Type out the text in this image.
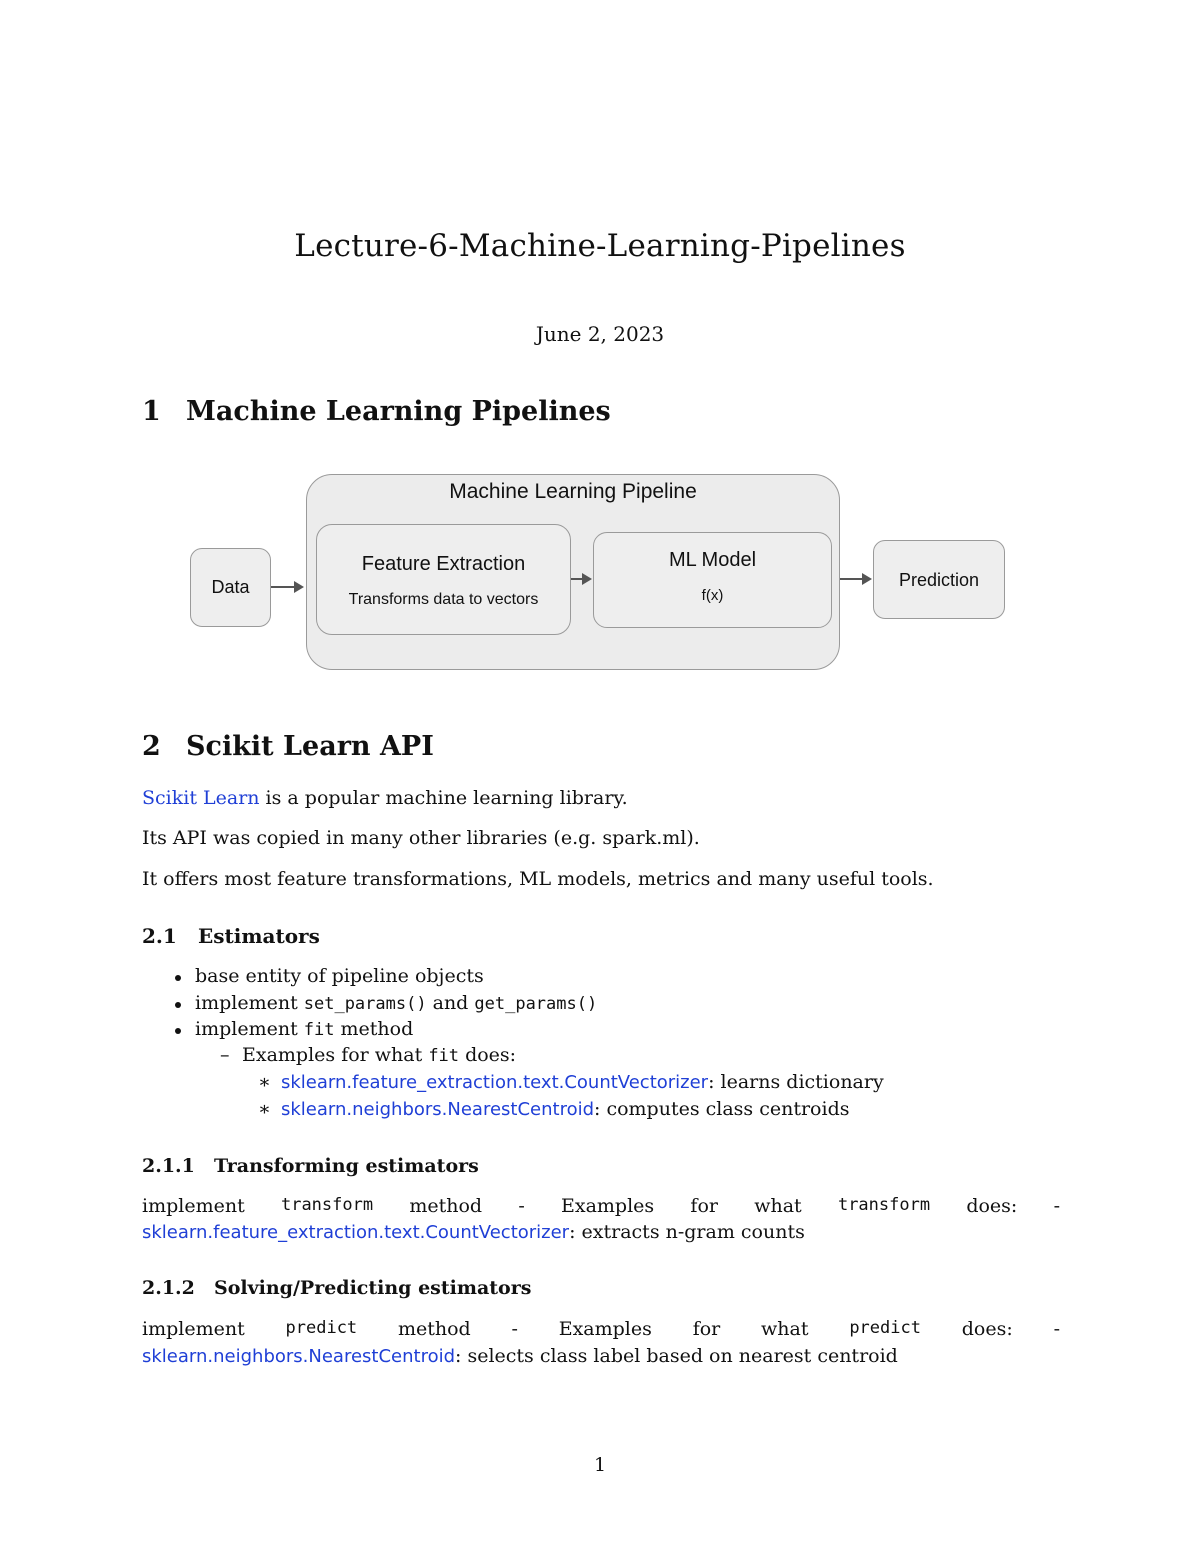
Lecture-6-Machine-Learning-Pipelines
June 2, 2023
1 Machine Learning Pipelines
Machine Learning Pipeline
Data
Feature Extraction
Transforms data to vectors
ML Model
f(x)
Prediction
2 Scikit Learn API
Scikit Learn is a popular machine learning library.
Its API was copied in many other libraries (e.g. spark.ml).
It offers most feature transformations, ML models, metrics and many useful tools.
2.1 Estimators
base entity of pipeline objects
implement set_params() and get_params()
implement fit method
– Examples for what fit does:
∗ sklearn.feature_extraction.text.CountVectorizer: learns dictionary
∗ sklearn.neighbors.NearestCentroid: computes class centroids
2.1.1 Transforming estimators
implement transform method - Examples for what transform does: -
sklearn.feature_extraction.text.CountVectorizer: extracts n-gram counts
2.1.2 Solving/Predicting estimators
implement predict method - Examples for what predict does: -
sklearn.neighbors.NearestCentroid: selects class label based on nearest centroid
1
